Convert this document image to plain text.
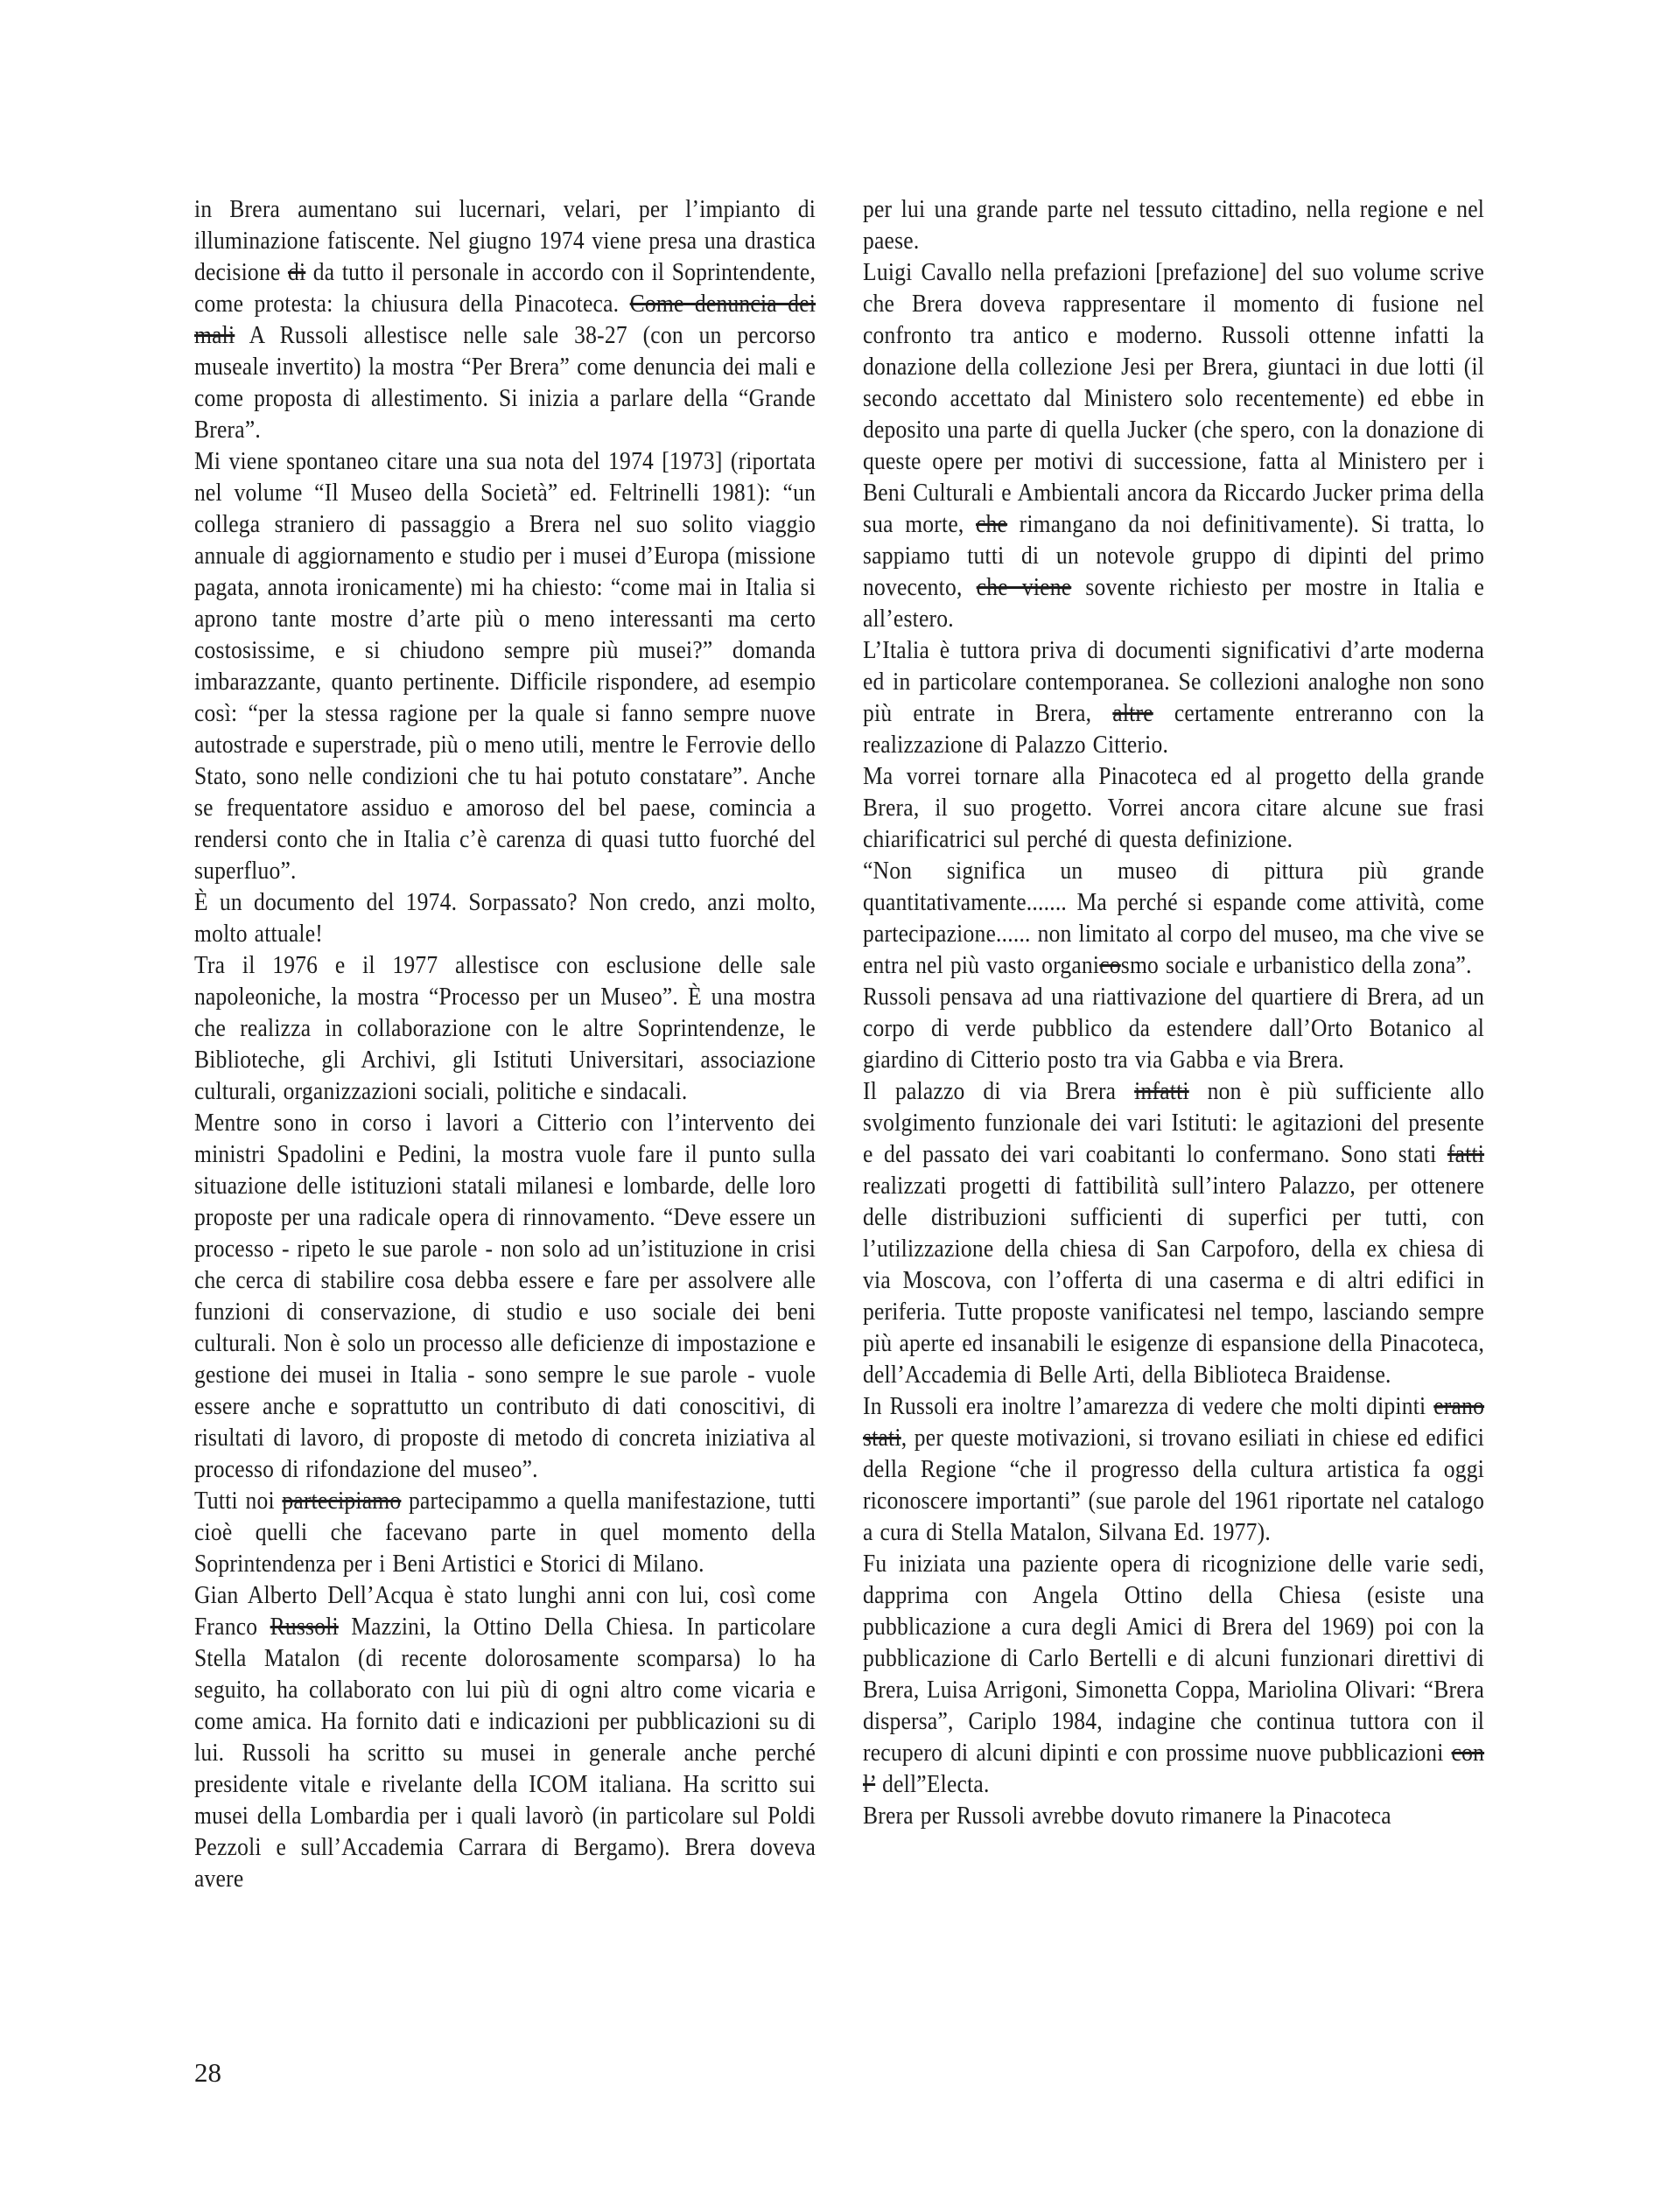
in Brera aumentano sui lucernari, velari, per l’impianto di illuminazione fatiscente. Nel giugno 1974 viene presa una drastica decisione di da tutto il personale in accordo con il Soprintendente, come protesta: la chiusura della Pinacoteca. Come denuncia dei mali A Russoli allestisce nelle sale 38-27 (con un percorso museale invertito) la mostra “Per Brera” come denuncia dei mali e come proposta di allestimento. Si inizia a parlare della “Grande Brera”.

Mi viene spontaneo citare una sua nota del 1974 [1973] (riportata nel volume “Il Museo della Società” ed. Feltrinelli 1981): “un collega straniero di passaggio a Brera nel suo solito viaggio annuale di aggiornamento e studio per i musei d’Europa (missione pagata, annota ironicamente) mi ha chiesto: “come mai in Italia si aprono tante mostre d’arte più o meno interessanti ma certo costosissime, e si chiudono sempre più musei?” domanda imbarazzante, quanto pertinente. Difficile rispondere, ad esempio così: “per la stessa ragione per la quale si fanno sempre nuove autostrade e superstrade, più o meno utili, mentre le Ferrovie dello Stato, sono nelle condizioni che tu hai potuto constatare”. Anche se frequentatore assiduo e amoroso del bel paese, comincia a rendersi conto che in Italia c’è carenza di quasi tutto fuorché del superfluo”.

È un documento del 1974. Sorpassato? Non credo, anzi molto, molto attuale!

Tra il 1976 e il 1977 allestisce con esclusione delle sale napoleoniche, la mostra “Processo per un Museo”. È una mostra che realizza in collaborazione con le altre Soprintendenze, le Biblioteche, gli Archivi, gli Istituti Universitari, associazione culturali, organizzazioni sociali, politiche e sindacali.

Mentre sono in corso i lavori a Citterio con l’intervento dei ministri Spadolini e Pedini, la mostra vuole fare il punto sulla situazione delle istituzioni statali milanesi e lombarde, delle loro proposte per una radicale opera di rinnovamento. “Deve essere un processo - ripeto le sue parole - non solo ad un’istituzione in crisi che cerca di stabilire cosa debba essere e fare per assolvere alle funzioni di conservazione, di studio e uso sociale dei beni culturali. Non è solo un processo alle deficienze di impostazione e gestione dei musei in Italia - sono sempre le sue parole - vuole essere anche e soprattutto un contributo di dati conoscitivi, di risultati di lavoro, di proposte di metodo di concreta iniziativa al processo di rifondazione del museo”.

Tutti noi partecipiamo partecipammo a quella manifestazione, tutti cioè quelli che facevano parte in quel momento della Soprintendenza per i Beni Artistici e Storici di Milano.

Gian Alberto Dell’Acqua è stato lunghi anni con lui, così come Franco Russoli Mazzini, la Ottino Della Chiesa. In particolare Stella Matalon (di recente dolorosamente scomparsa) lo ha seguito, ha collaborato con lui più di ogni altro come vicaria e come amica. Ha fornito dati e indicazioni per pubblicazioni su di lui. Russoli ha scritto su musei in generale anche perché presidente vitale e rivelante della ICOM italiana. Ha scritto sui musei della Lombardia per i quali lavorò (in particolare sul Poldi Pezzoli e sull’Accademia Carrara di Bergamo). Brera doveva avere

per lui una grande parte nel tessuto cittadino, nella regione e nel paese.

Luigi Cavallo nella prefazioni [prefazione] del suo volume scrive che Brera doveva rappresentare il momento di fusione nel confronto tra antico e moderno. Russoli ottenne infatti la donazione della collezione Jesi per Brera, giuntaci in due lotti (il secondo accettato dal Ministero solo recentemente) ed ebbe in deposito una parte di quella Jucker (che spero, con la donazione di queste opere per motivi di successione, fatta al Ministero per i Beni Culturali e Ambientali ancora da Riccardo Jucker prima della sua morte, che rimangano da noi definitivamente). Si tratta, lo sappiamo tutti di un notevole gruppo di dipinti del primo novecento, che viene sovente richiesto per mostre in Italia e all’estero.

L’Italia è tuttora priva di documenti significativi d’arte moderna ed in particolare contemporanea. Se collezioni analoghe non sono più entrate in Brera, altre certamente entreranno con la realizzazione di Palazzo Citterio.

Ma vorrei tornare alla Pinacoteca ed al progetto della grande Brera, il suo progetto. Vorrei ancora citare alcune sue frasi chiarificatrici sul perché di questa definizione.

“Non significa un museo di pittura più grande quantitativamente....... Ma perché si espande come attività, come partecipazione...... non limitato al corpo del museo, ma che vive se entra nel più vasto organicosmo sociale e urbanistico della zona”.

Russoli pensava ad una riattivazione del quartiere di Brera, ad un corpo di verde pubblico da estendere dall’Orto Botanico al giardino di Citterio posto tra via Gabba e via Brera.

Il palazzo di via Brera infatti non è più sufficiente allo svolgimento funzionale dei vari Istituti: le agitazioni del presente e del passato dei vari coabitanti lo confermano. Sono stati fatti realizzati progetti di fattibilità sull’intero Palazzo, per ottenere delle distribuzioni sufficienti di superfici per tutti, con l’utilizzazione della chiesa di San Carpoforo, della ex chiesa di via Moscova, con l’offerta di una caserma e di altri edifici in periferia. Tutte proposte vanificatesi nel tempo, lasciando sempre più aperte ed insanabili le esigenze di espansione della Pinacoteca, dell’Accademia di Belle Arti, della Biblioteca Braidense.

In Russoli era inoltre l’amarezza di vedere che molti dipinti erano stati, per queste motivazioni, si trovano esiliati in chiese ed edifici della Regione “che il progresso della cultura artistica fa oggi riconoscere importanti” (sue parole del 1961 riportate nel catalogo a cura di Stella Matalon, Silvana Ed. 1977).

Fu iniziata una paziente opera di ricognizione delle varie sedi, dapprima con Angela Ottino della Chiesa (esiste una pubblicazione a cura degli Amici di Brera del 1969) poi con la pubblicazione di Carlo Bertelli e di alcuni funzionari direttivi di Brera, Luisa Arrigoni, Simonetta Coppa, Mariolina Olivari: “Brera dispersa”, Cariplo 1984, indagine che continua tuttora con il recupero di alcuni dipinti e con prossime nuove pubblicazioni con l’ dell”Electa.

Brera per Russoli avrebbe dovuto rimanere la Pinacoteca

28
